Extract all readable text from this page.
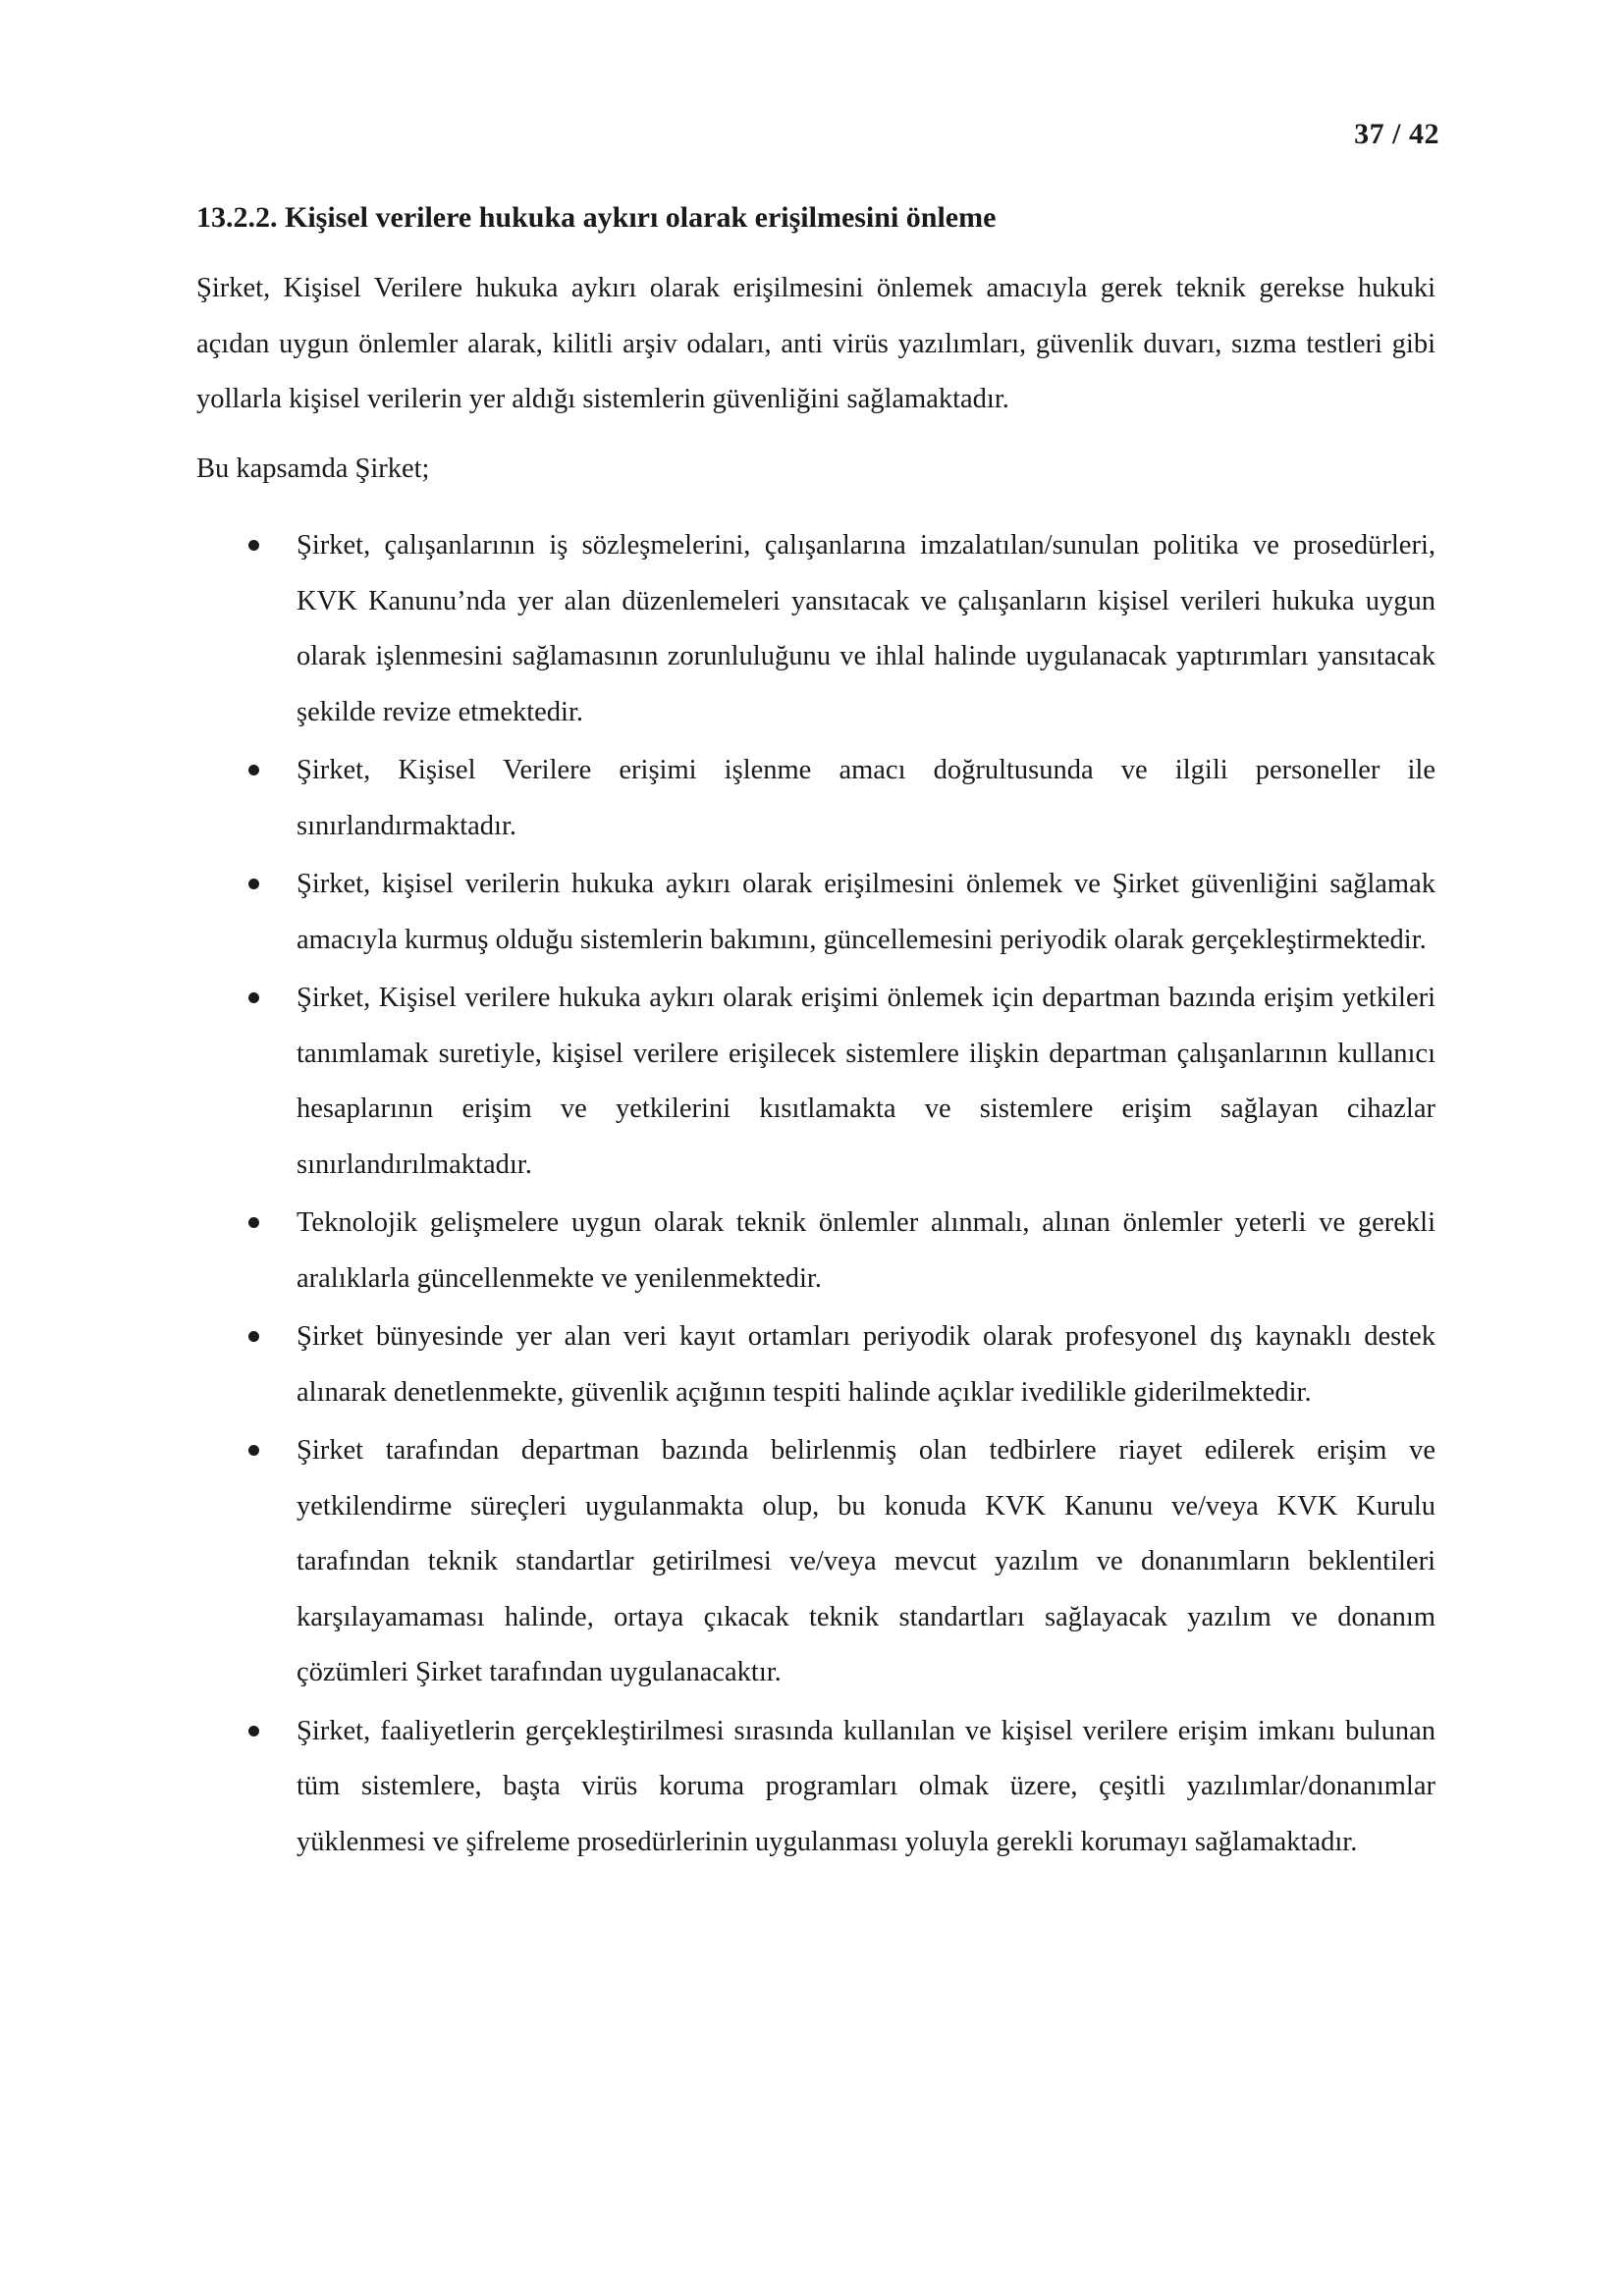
37 / 42
13.2.2. Kişisel verilere hukuka aykırı olarak erişilmesini önleme

Şirket, Kişisel Verilere hukuka aykırı olarak erişilmesini önlemek amacıyla gerek teknik gerekse hukuki açıdan uygun önlemler alarak, kilitli arşiv odaları, anti virüs yazılımları, güvenlik duvarı, sızma testleri gibi yollarla kişisel verilerin yer aldığı sistemlerin güvenliğini sağlamaktadır.

Bu kapsamda Şirket;

Şirket, çalışanlarının iş sözleşmelerini, çalışanlarına imzalatılan/sunulan politika ve prosedürleri, KVK Kanunu’nda yer alan düzenlemeleri yansıtacak ve çalışanların kişisel verileri hukuka uygun olarak işlenmesini sağlamasının zorunluluğunu ve ihlal halinde uygulanacak yaptırımları yansıtacak şekilde revize etmektedir.
Şirket, Kişisel Verilere erişimi işlenme amacı doğrultusunda ve ilgili personeller ile sınırlandırmaktadır.
Şirket, kişisel verilerin hukuka aykırı olarak erişilmesini önlemek ve Şirket güvenliğini sağlamak amacıyla kurmuş olduğu sistemlerin bakımını, güncellemesini periyodik olarak gerçekleştirmektedir.
Şirket, Kişisel verilere hukuka aykırı olarak erişimi önlemek için departman bazında erişim yetkileri tanımlamak suretiyle, kişisel verilere erişilecek sistemlere ilişkin departman çalışanlarının kullanıcı hesaplarının erişim ve yetkilerini kısıtlamakta ve sistemlere erişim sağlayan cihazlar sınırlandırılmaktadır.
Teknolojik gelişmelere uygun olarak teknik önlemler alınmalı, alınan önlemler yeterli ve gerekli aralıklarla güncellenmekte ve yenilenmektedir.
Şirket bünyesinde yer alan veri kayıt ortamları periyodik olarak profesyonel dış kaynaklı destek alınarak denetlenmekte, güvenlik açığının tespiti halinde açıklar ivedilikle giderilmektedir.
Şirket tarafından departman bazında belirlenmiş olan tedbirlere riayet edilerek erişim ve yetkilendirme süreçleri uygulanmakta olup, bu konuda KVK Kanunu ve/veya KVK Kurulu tarafından teknik standartlar getirilmesi ve/veya mevcut yazılım ve donanımların beklentileri karşılayamaması halinde, ortaya çıkacak teknik standartları sağlayacak yazılım ve donanım çözümleri Şirket tarafından uygulanacaktır.
Şirket, faaliyetlerin gerçekleştirilmesi sırasında kullanılan ve kişisel verilere erişim imkanı bulunan tüm sistemlere, başta virüs koruma programları olmak üzere, çeşitli yazılımlar/donanımlar yüklenmesi ve şifreleme prosedürlerinin uygulanması yoluyla gerekli korumayı sağlamaktadır.
